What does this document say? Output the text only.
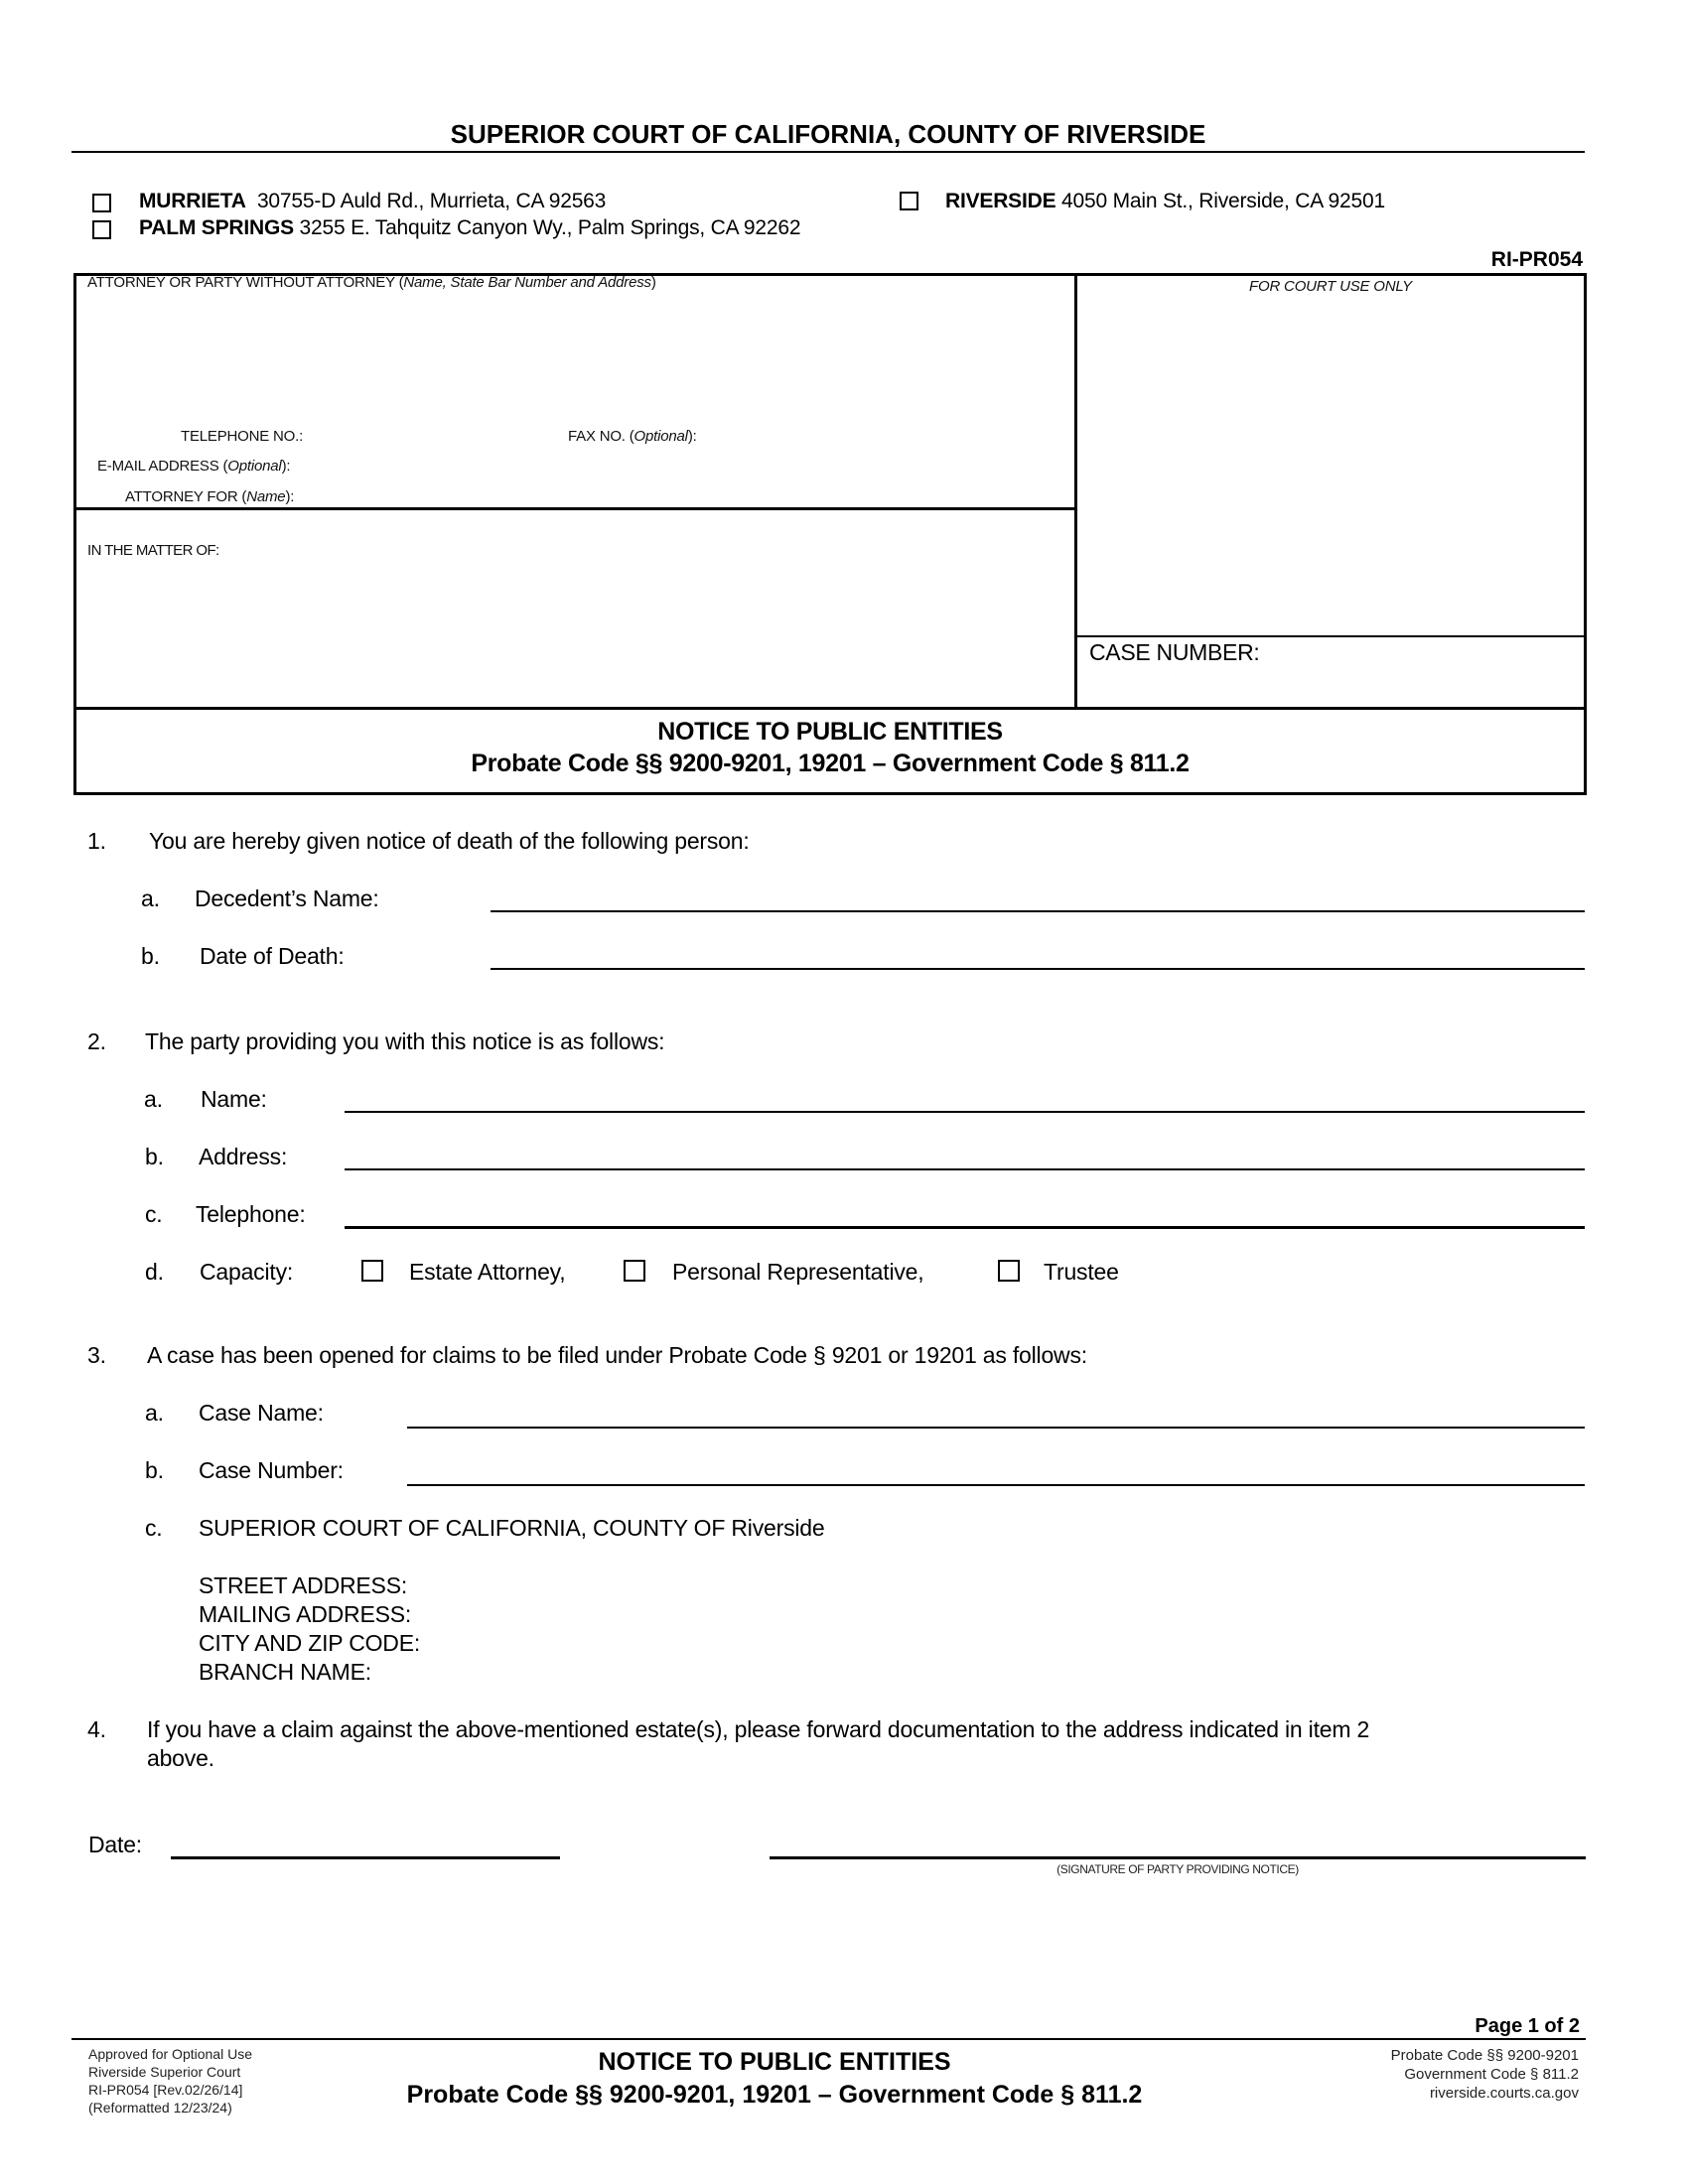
SUPERIOR COURT OF CALIFORNIA, COUNTY OF RIVERSIDE
MURRIETA 30755-D Auld Rd., Murrieta, CA 92563
PALM SPRINGS 3255 E. Tahquitz Canyon Wy., Palm Springs, CA 92262
RIVERSIDE 4050 Main St., Riverside, CA 92501
RI-PR054
ATTORNEY OR PARTY WITHOUT ATTORNEY (Name, State Bar Number and Address)
TELEPHONE NO.:	FAX NO. (Optional):
E-MAIL ADDRESS (Optional):
ATTORNEY FOR (Name):
IN THE MATTER OF:
FOR COURT USE ONLY
CASE NUMBER:
NOTICE TO PUBLIC ENTITIES
Probate Code §§ 9200-9201, 19201 – Government Code § 811.2
1. You are hereby given notice of death of the following person:
a. Decedent’s Name:
b. Date of Death:
2. The party providing you with this notice is as follows:
a. Name:
b. Address:
c. Telephone:
d. Capacity:	Estate Attorney,	Personal Representative,	Trustee
3. A case has been opened for claims to be filed under Probate Code § 9201 or 19201 as follows:
a. Case Name:
b. Case Number:
c. SUPERIOR COURT OF CALIFORNIA, COUNTY OF Riverside
STREET ADDRESS:
MAILING ADDRESS:
CITY AND ZIP CODE:
BRANCH NAME:
4. If you have a claim against the above-mentioned estate(s), please forward documentation to the address indicated in item 2
above.
Date:
(SIGNATURE OF PARTY PROVIDING NOTICE)
Page 1 of 2
Approved for Optional Use
Riverside Superior Court
RI-PR054 [Rev.02/26/14]
(Reformatted 12/23/24)
NOTICE TO PUBLIC ENTITIES
Probate Code §§ 9200-9201, 19201 – Government Code § 811.2
Probate Code §§ 9200-9201
Government Code § 811.2
riverside.courts.ca.gov
